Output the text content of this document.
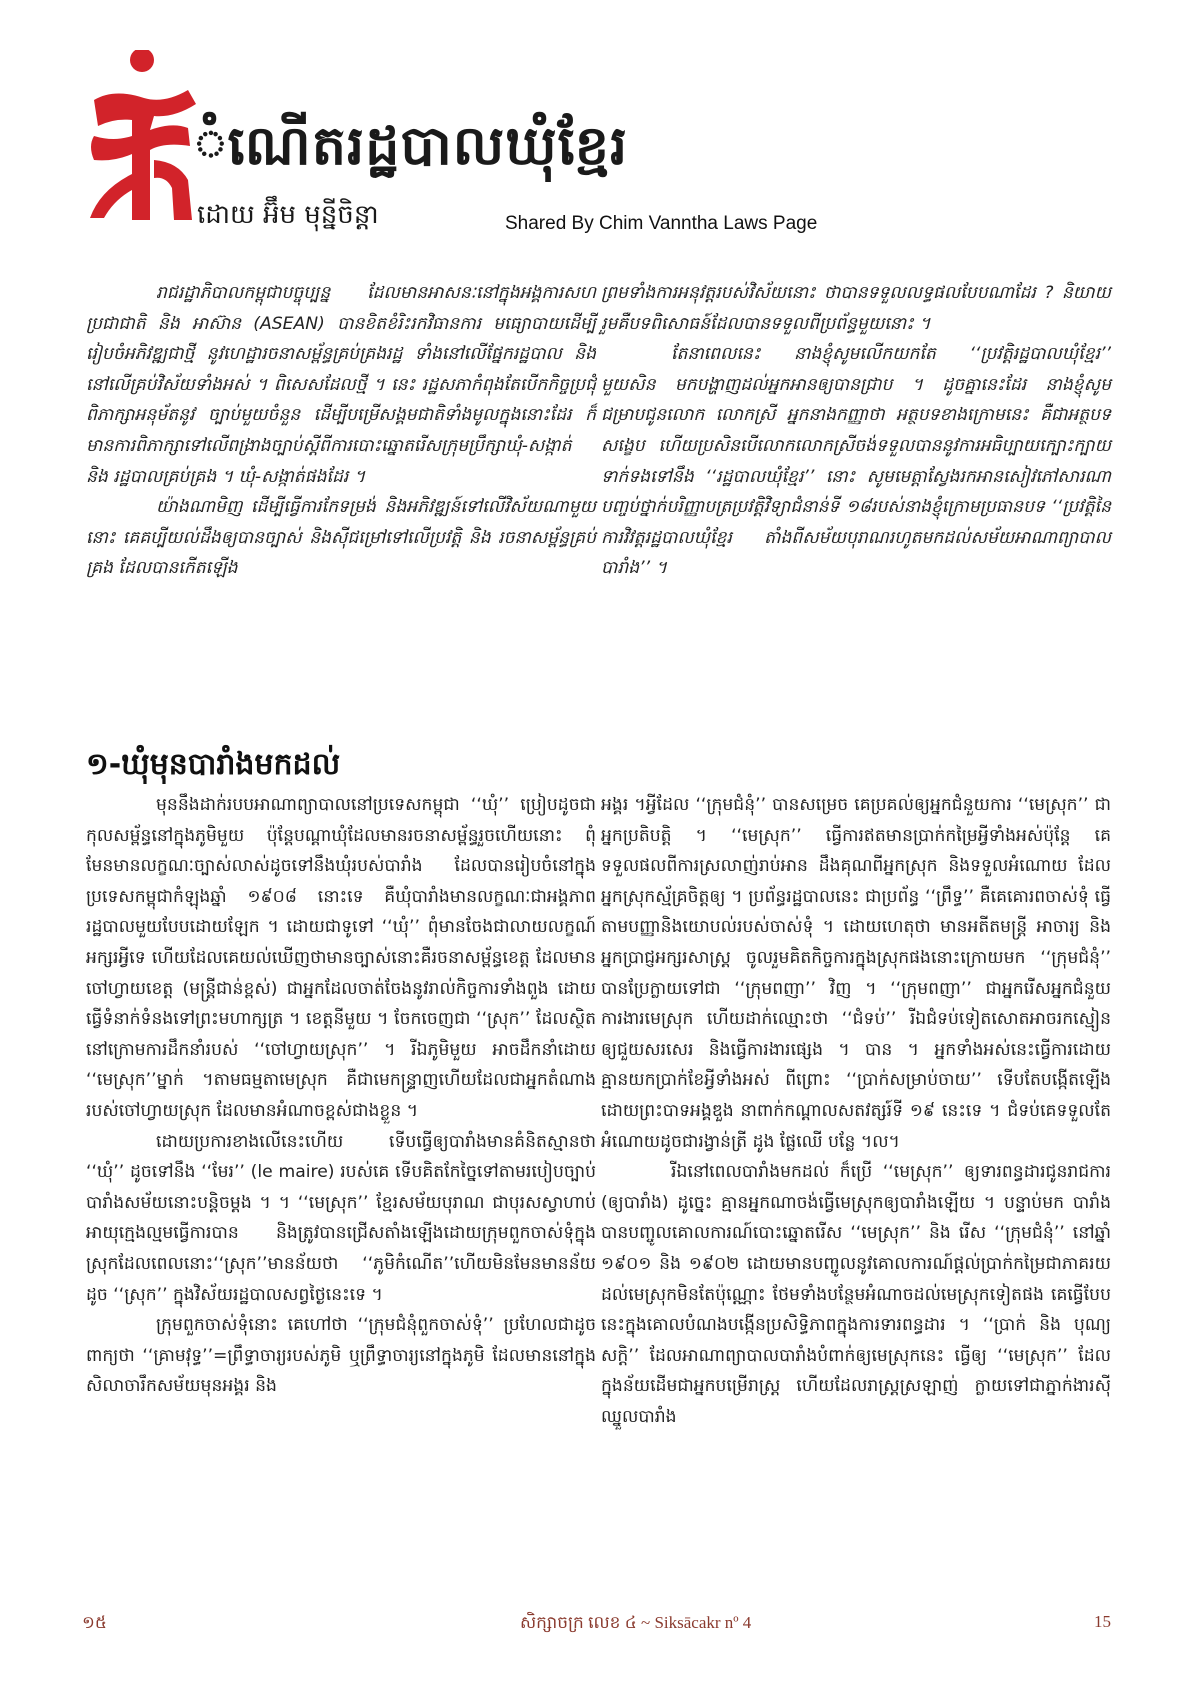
ំណើតរដ្ឋបាលឃុំខ្មែរ
ដោយ អ៊ឹម មុន្នីចិន្តា	Shared By Chim Vanntha Laws Page

រាជរដ្ឋាភិបាលកម្ពុជាបច្ចុប្បន្ន ដែលមានអាសនៈនៅក្នុងអង្គការសហប្រជាជាតិ និង អាស៊ាន (ASEAN) បានខិតខំរិះរកវិធានការ មធ្យោបាយដើម្បីរៀបចំអភិវឌ្ឍជាថ្មី នូវហេដ្ឋារចនាសម្ព័ន្ធគ្រប់គ្រងរដ្ឋ ទាំងនៅលើផ្នែករដ្ឋបាល និងនៅលើគ្រប់វិស័យទាំងអស់ ។ ពិសេសដែលថ្មី ។ នេះ រដ្ឋសភាកំពុងតែបើកកិច្ចប្រជុំពិភាក្សាអនុម័តនូវ ច្បាប់មួយចំនួន ដើម្បីបម្រើសង្គមជាតិទាំងមូលក្នុងនោះដែរ ក៏មានការពិភាក្សាទៅលើពង្រាងច្បាប់ស្តីពីការបោះឆ្នោតរើសក្រុមប្រឹក្សាឃុំ-សង្កាត់ និង រដ្ឋបាលគ្រប់គ្រង ។ ឃុំ-សង្កាត់ផងដែរ ។

យ៉ាងណាមិញ ដើម្បីធ្វើការកែទម្រង់ និងអភិវឌ្ឍន៍ទៅលើវិស័យណាមួយនោះ គេគប្បីយល់ដឹងឲ្យបានច្បាស់ និងស៊ីជម្រៅទៅលើប្រវត្តិ និង រចនាសម្ព័ន្ធគ្រប់គ្រង ដែលបានកើតឡើង

ព្រមទាំងការអនុវត្តរបស់វិស័យនោះ ថាបានទទួលលទ្ធផលបែបណាដែរ ? និយាយរួមគឺបទពិសោធន៍ដែលបានទទួលពីប្រព័ន្ធមួយនោះ ។

តែនាពេលនេះ នាងខ្ញុំសូមលើកយកតែ ‘‘ប្រវត្តិរដ្ឋបាលឃុំខ្មែរ’’ មួយសិន មកបង្ហាញដល់អ្នកអានឲ្យបានជ្រាប ។ ដូចគ្នានេះដែរ នាងខ្ញុំសូមជម្រាបជូនលោក លោកស្រី អ្នកនាងកញ្ញាថា អត្ថបទខាងក្រោមនេះ គឺជាអត្ថបទសង្ខេប ហើយប្រសិនបើលោកលោកស្រីចង់ទទួលបាននូវការអធិប្បាយក្បោះក្បាយ ទាក់ទងទៅនឹង ‘‘រដ្ឋបាលឃុំខ្មែរ’’ នោះ សូមមេត្តាស្វែងរកអានសៀវភៅសារណាបញ្ចប់ថ្នាក់បរិញ្ញាបត្រប្រវត្តិវិទ្យាជំនាន់ទី ១៨របស់នាងខ្ញុំក្រោមប្រធានបទ ‘‘ប្រវត្តិនៃការវិវត្តរដ្ឋបាលឃុំខ្មែរ តាំងពីសម័យបុរាណរហូតមកដល់សម័យអាណាព្យាបាលបារាំង’’ ។

១-ឃុំមុនបារាំងមកដល់

មុននឹងដាក់របបអាណាព្យាបាលនៅប្រទេសកម្ពុជា ‘‘ឃុំ’’ ប្រៀបដូចជាកុលសម្ព័ន្ធនៅក្នុងភូមិមួយ ប៉ុន្តែបណ្តាឃុំដែលមានរចនាសម្ព័ន្ធរួចហើយនោះ ពុំមែនមានលក្ខណៈច្បាស់លាស់ដូចទៅនឹងឃុំរបស់បារាំង ដែលបានរៀបចំនៅក្នុងប្រទេសកម្ពុជាកំឡុងឆ្នាំ ១៩០៨ នោះទេ គឺឃុំបារាំងមានលក្ខណៈជាអង្គភាពរដ្ឋបាលមួយបែបដោយឡែក ។ ដោយជាទូទៅ ‘‘ឃុំ’’ ពុំមានចែងជាលាយលក្ខណ៍អក្សរអ្វីទេ ហើយដែលគេយល់ឃើញថាមានច្បាស់នោះគឺរចនាសម្ព័ន្ធខេត្ត ដែលមានចៅហ្វាយខេត្ត (មន្ត្រីជាន់ខ្ពស់) ជាអ្នកដែលចាត់ចែងនូវរាល់កិច្ចការទាំងពួង ដោយធ្វើទំនាក់ទំនងទៅព្រះមហាក្សត្រ ។ ខេត្តនីមួយ ។ ចែកចេញជា ‘‘ស្រុក’’ ដែលស្ថិតនៅក្រោមការដឹកនាំរបស់ ‘‘ចៅហ្វាយស្រុក’’ ។ រីឯភូមិមួយ អាចដឹកនាំដោយ ‘‘មេស្រុក’’ម្នាក់ ។តាមធម្មតាមេស្រុក គឺជាមេកន្ទ្រាញហើយដែលជាអ្នកតំណាងរបស់ចៅហ្វាយស្រុក ដែលមានអំណាចខ្ពស់ជាងខ្លួន ។

ដោយប្រការខាងលើនេះហើយ ទើបធ្វើឲ្យបារាំងមានគំនិតស្មានថា ‘‘ឃុំ’’ ដូចទៅនឹង ‘‘មែរ’’ (le maire) របស់គេ ទើបគិតកែច្នៃទៅតាមរបៀបច្បាប់បារាំងសម័យនោះបន្តិចម្តង ។ ។ ‘‘មេស្រុក’’ ខ្មែរសម័យបុរាណ ជាបុរសស្វាហាប់ អាយុក្មេងល្មមធ្វើការបាន និងត្រូវបានជ្រើសតាំងឡើងដោយក្រុមពួកចាស់ទុំក្នុងស្រុកដែលពេលនោះ‘‘ស្រុក’’មានន័យថា ‘‘ភូមិកំណើត’’ហើយមិនមែនមានន័យដូច ‘‘ស្រុក’’ ក្នុងវិស័យរដ្ឋបាលសព្វថ្ងៃនេះទេ ។

ក្រុមពួកចាស់ទុំនោះ គេហៅថា ‘‘ក្រុមជំនុំពួកចាស់ទុំ’’ ប្រហែលជាដូចពាក្យថា ‘‘គ្រាមវុទ្ធ’’=ព្រឹទ្ធាចារ្យរបស់ភូមិ ឬព្រឹទ្ធាចារ្យនៅក្នុងភូមិ ដែលមាននៅក្នុងសិលាចារឹកសម័យមុនអង្គរ និង

អង្គរ ។អ្វីដែល ‘‘ក្រុមជំនុំ’’ បានសម្រេច គេប្រគល់ឲ្យអ្នកជំនួយការ ‘‘មេស្រុក’’ ជាអ្នកប្រតិបត្តិ ។ ‘‘មេស្រុក’’ ធ្វើការឥតមានប្រាក់កម្រៃអ្វីទាំងអស់ប៉ុន្តែ គេទទួលផលពីការស្រលាញ់រាប់អាន ដឹងគុណពីអ្នកស្រុក និងទទួលអំណោយ ដែលអ្នកស្រុកស្ម័គ្រចិត្តឲ្យ ។ ប្រព័ន្ធរដ្ឋបាលនេះ ជាប្រព័ន្ធ ‘‘ព្រឹទ្ធ’’ គឺគេគោរពចាស់ទុំ ធ្វើតាមបញ្ញានិងយោបល់របស់ចាស់ទុំ ។ ដោយហេតុថា មានអតីតមន្ត្រី អាចារ្យ និង អ្នកប្រាជ្ញអក្សរសាស្ត្រ ចូលរួមគិតកិច្ចការក្នុងស្រុកផងនោះក្រោយមក ‘‘ក្រុមជំនុំ’’ បានប្រែក្លាយទៅជា ‘‘ក្រុមពញា’’ វិញ ។ ‘‘ក្រុមពញា’’ ជាអ្នករើសអ្នកជំនួយការងារមេស្រុក ហើយដាក់ឈ្មោះថា ‘‘ជំទប់’’ រីឯជំទប់ទៀតសោតអាចរកស្មៀនឲ្យជួយសរសេរ និងធ្វើការងារផ្សេង ។ បាន ។ អ្នកទាំងអស់នេះធ្វើការដោយគ្មានយកប្រាក់ខែអ្វីទាំងអស់ ពីព្រោះ ‘‘ប្រាក់សម្រាប់ចាយ’’ ទើបតែបង្កើតឡើងដោយព្រះបាទអង្គឌួង នាពាក់កណ្តាលសតវត្សរ៍ទី ១៩ នេះទេ ។ ជំទប់គេទទួលតែអំណោយដូចជារង្វាន់ត្រី ដូង ផ្លែឈើ បន្លែ ។ល។

រីឯនៅពេលបារាំងមកដល់ ក៏ប្រើ ‘‘មេស្រុក’’ ឲ្យទារពន្ធដារជូនរាជការ (ឲ្យបារាំង) ដូច្នេះ គ្មានអ្នកណាចង់ធ្វើមេស្រុកឲ្យបារាំងឡើយ ។ បន្ទាប់មក បារាំងបានបញ្ចូលគោលការណ៍បោះឆ្នោតរើស ‘‘មេស្រុក’’ និង រើស ‘‘ក្រុមជំនុំ’’ នៅឆ្នាំ ១៩០១ និង ១៩០២ ដោយមានបញ្ចូលនូវគោលការណ៍ផ្តល់ប្រាក់កម្រៃជាភាគរយដល់មេស្រុកមិនតែប៉ុណ្ណោះ ថែមទាំងបន្ថែមអំណាចដល់មេស្រុកទៀតផង គេធ្វើបែបនេះក្នុងគោលបំណងបង្កើនប្រសិទ្ធិភាពក្នុងការទារពន្ធដារ ។ ‘‘ប្រាក់ និង បុណ្យសក្តិ’’ ដែលអាណាព្យាបាលបារាំងបំពាក់ឲ្យមេស្រុកនេះ ធ្វើឲ្យ ‘‘មេស្រុក’’ ដែលក្នុងន័យដើមជាអ្នកបម្រើរាស្ត្រ ហើយដែលរាស្ត្រស្រឡាញ់ ក្លាយទៅជាភ្នាក់ងារស៊ីឈ្នួលបារាំង

១៥	សិក្សាចក្រ លេខ ៤ ~ Siksācakr nº 4	15
